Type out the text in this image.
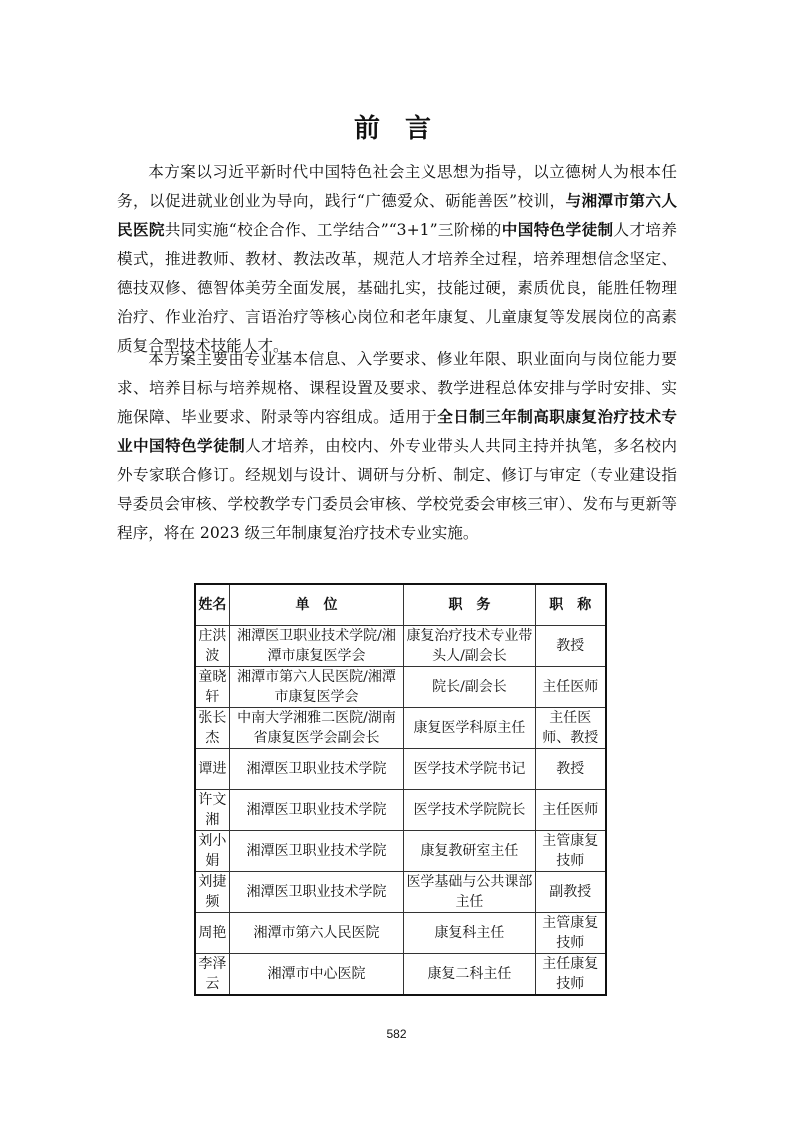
前 言

本方案以习近平新时代中国特色社会主义思想为指导，以立德树人为根本任务，以促进就业创业为导向，践行“广德爱众、砺能善医”校训，与湘潭市第六人民医院共同实施“校企合作、工学结合”“3+1”三阶梯的中国特色学徒制人才培养模式，推进教师、教材、教法改革，规范人才培养全过程，培养理想信念坚定、德技双修、德智体美劳全面发展，基础扎实，技能过硬，素质优良，能胜任物理治疗、作业治疗、言语治疗等核心岗位和老年康复、儿童康复等发展岗位的高素质复合型技术技能人才。

本方案主要由专业基本信息、入学要求、修业年限、职业面向与岗位能力要求、培养目标与培养规格、课程设置及要求、教学进程总体安排与学时安排、实施保障、毕业要求、附录等内容组成。适用于全日制三年制高职康复治疗技术专业中国特色学徒制人才培养，由校内、外专业带头人共同主持并执笔，多名校内外专家联合修订。经规划与设计、调研与分析、制定、修订与审定（专业建设指导委员会审核、学校教学专门委员会审核、学校党委会审核三审）、发布与更新等程序，将在 2023 级三年制康复治疗技术专业实施。

姓名	单　位	职　务	职　称
庄洪波	湘潭医卫职业技术学院/湘潭市康复医学会	康复治疗技术专业带头人/副会长	教授
童晓轩	湘潭市第六人民医院/湘潭市康复医学会	院长/副会长	主任医师
张长杰	中南大学湘雅二医院/湖南省康复医学会副会长	康复医学科原主任	主任医师、教授
谭进	湘潭医卫职业技术学院	医学技术学院书记	教授
许文湘	湘潭医卫职业技术学院	医学技术学院院长	主任医师
刘小娟	湘潭医卫职业技术学院	康复教研室主任	主管康复技师
刘捷频	湘潭医卫职业技术学院	医学基础与公共课部主任	副教授
周艳	湘潭市第六人民医院	康复科主任	主管康复技师
李泽云	湘潭市中心医院	康复二科主任	主任康复技师
582
